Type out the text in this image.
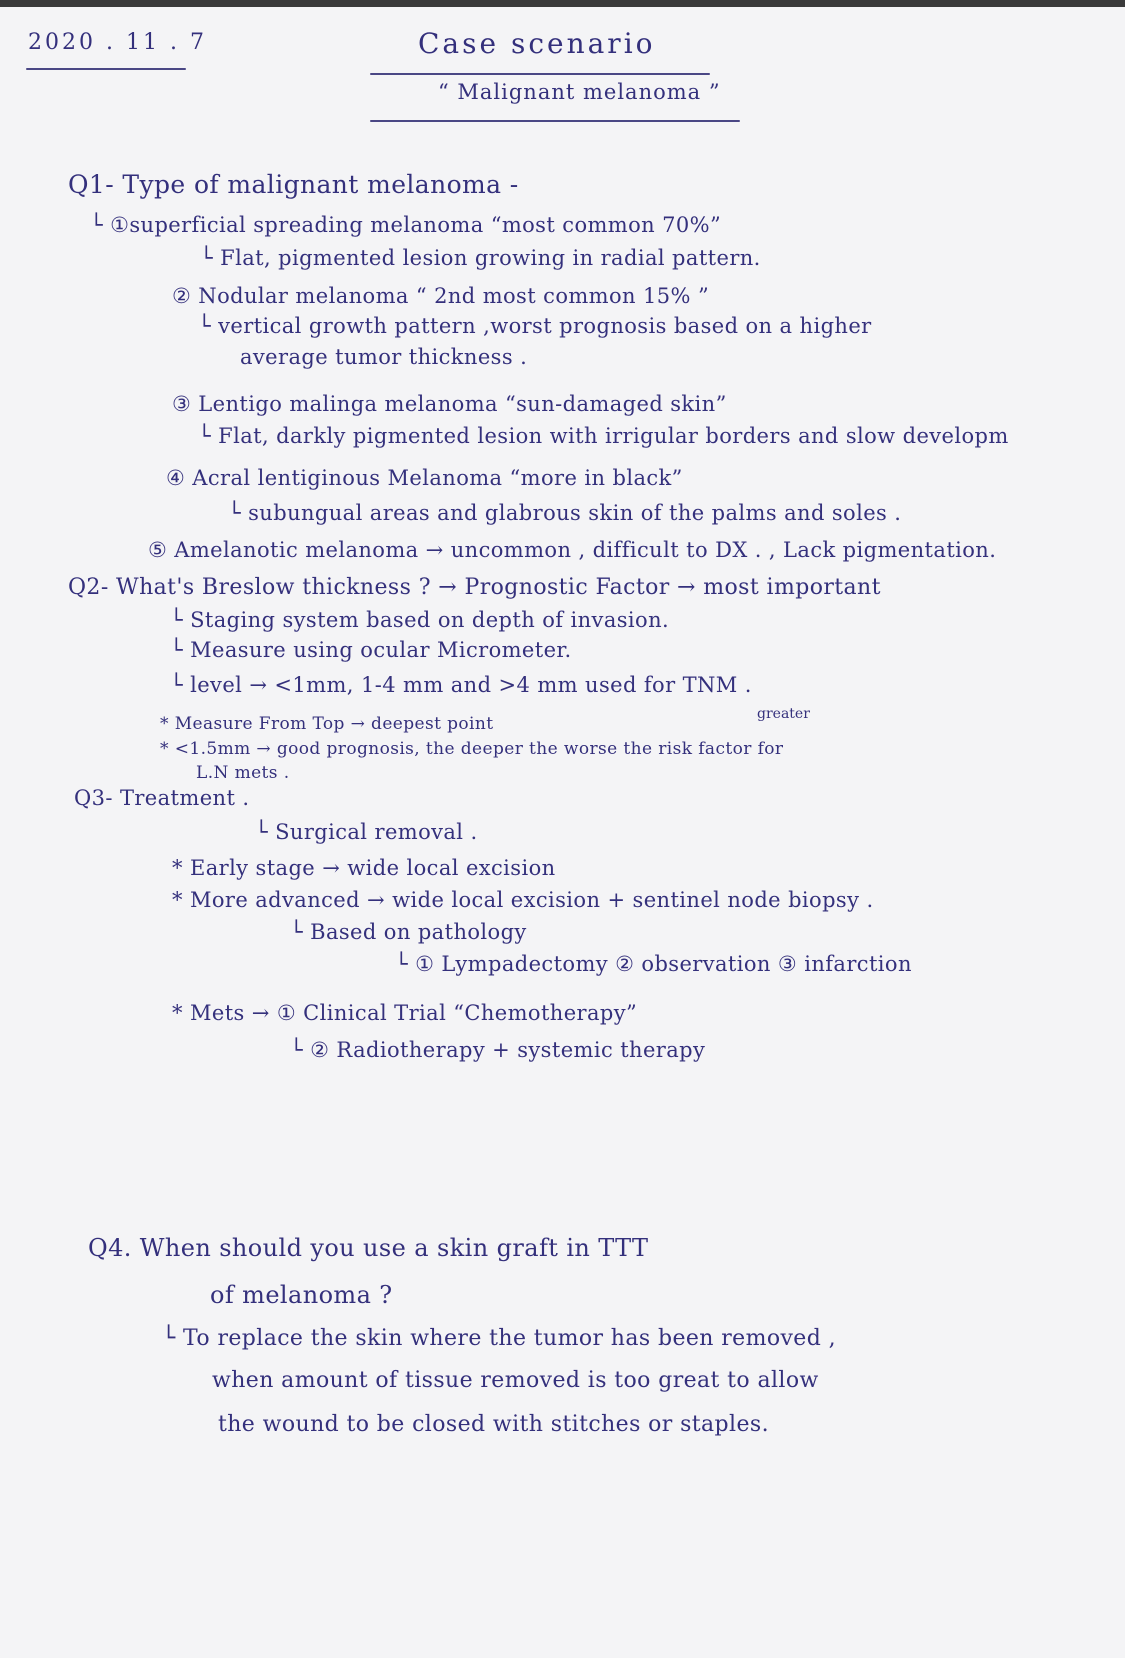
2020 . 11 . 7	Case scenario
“ Malignant melanoma ”
Q1- Type of malignant melanoma -
└ ①superficial spreading melanoma “most common 70%”
└ Flat, pigmented lesion growing in radial pattern.
② Nodular melanoma “ 2nd most common 15% ”
└ vertical growth pattern ,worst prognosis based on a higher
average tumor thickness .
③ Lentigo malinga melanoma “sun-damaged skin”
└ Flat, darkly pigmented lesion with irrigular borders and slow developm
④ Acral lentiginous Melanoma “more in black”
└ subungual areas and glabrous skin of the palms and soles .
⑤ Amelanotic melanoma → uncommon , difficult to DX . , Lack pigmentation.
Q2- What's Breslow thickness ? → Prognostic Factor → most important
└ Staging system based on depth of invasion.
└ Measure using ocular Micrometer.
└ level → <1mm, 1-4 mm and >4 mm used for TNM .
* Measure From Top → deepest point	greater
* <1.5mm → good prognosis, the deeper the worse the risk factor for
L.N mets .
Q3- Treatment .
└ Surgical removal .
* Early stage → wide local excision
* More advanced → wide local excision + sentinel node biopsy .
└ Based on pathology
└ ① Lympadectomy ② observation ③ infarction
* Mets → ① Clinical Trial “Chemotherapy”
└ ② Radiotherapy + systemic therapy
Q4. When should you use a skin graft in TTT
of melanoma ?
└ To replace the skin where the tumor has been removed ,
when amount of tissue removed is too great to allow
the wound to be closed with stitches or staples.
